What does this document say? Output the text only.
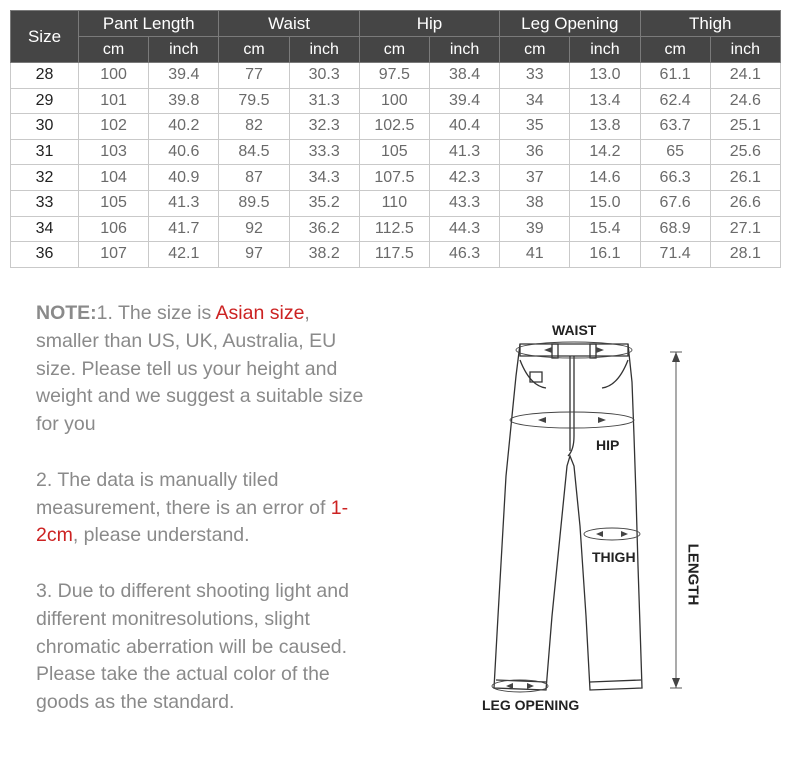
Size	Pant Length		Waist		Hip		Leg Opening		Thigh	
	cm	inch	cm	inch	cm	inch	cm	inch	cm	inch
28	100	39.4	77	30.3	97.5	38.4	33	13.0	61.1	24.1
29	101	39.8	79.5	31.3	100	39.4	34	13.4	62.4	24.6
30	102	40.2	82	32.3	102.5	40.4	35	13.8	63.7	25.1
31	103	40.6	84.5	33.3	105	41.3	36	14.2	65	25.6
32	104	40.9	87	34.3	107.5	42.3	37	14.6	66.3	26.1
33	105	41.3	89.5	35.2	110	43.3	38	15.0	67.6	26.6
34	106	41.7	92	36.2	112.5	44.3	39	15.4	68.9	27.1
36	107	42.1	97	38.2	117.5	46.3	41	16.1	71.4	28.1

NOTE:1. The size is Asian size, smaller than US, UK, Australia, EU size. Please tell us your height and weight and we suggest a suitable size for you

2. The data is manually tiled measurement, there is an error of 1-2cm, please understand.

3. Due to different shooting light and different monitresolutions, slight chromatic aberration will be caused. Please take the actual color of the goods as the standard.

WAIST
HIP
THIGH	LENGTH
LEG OPENING
